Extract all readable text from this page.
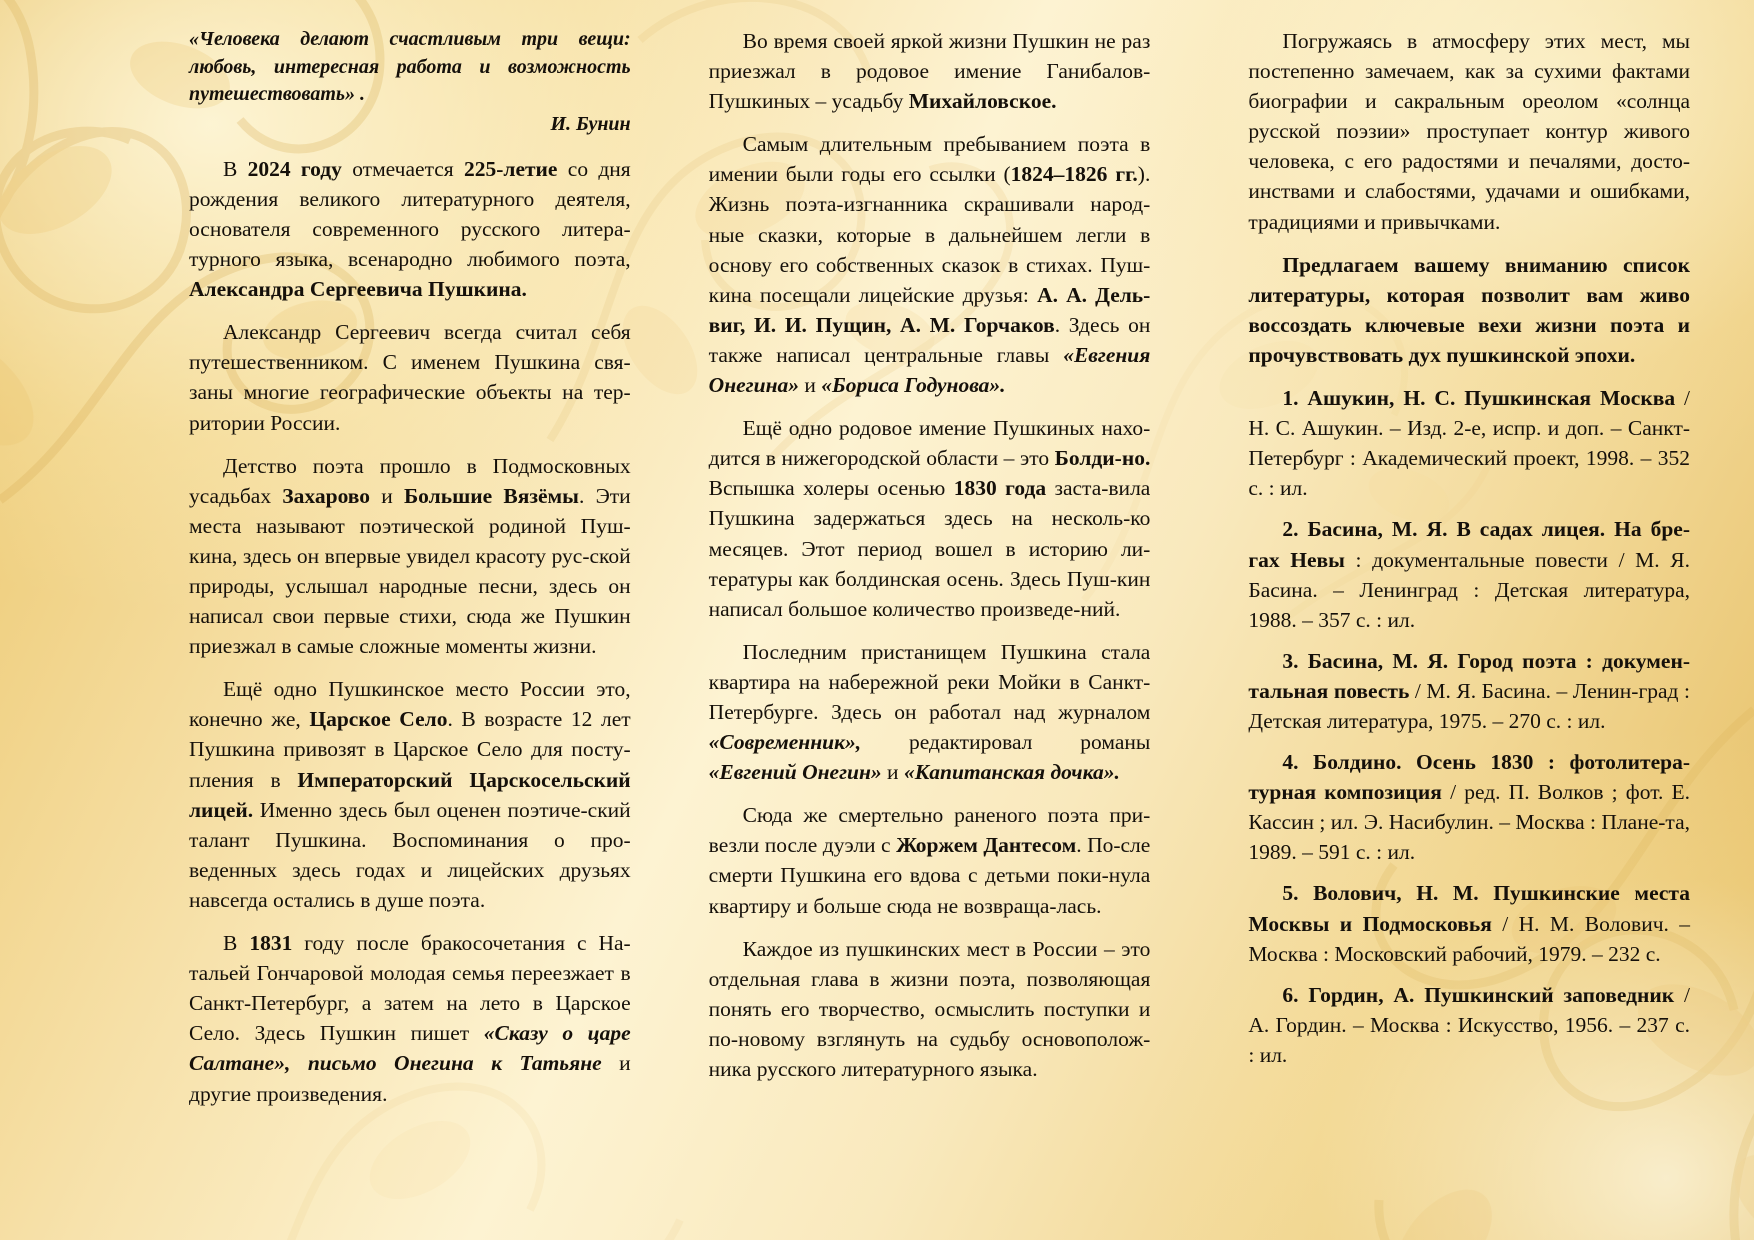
«Человека делают счастливым три вещи: любовь, интересная работа и возможность путешествовать» .
И. Бунин

В 2024 году отмечается 225-летие со дня рождения великого литературного деятеля, основателя современного русского литера-турного языка, всенародно любимого поэта, Александра Сергеевича Пушкина.

Александр Сергеевич всегда считал себя путешественником. С именем Пушкина свя-заны многие географические объекты на тер-ритории России.

Детство поэта прошло в Подмосковных усадьбах Захарово и Большие Вязёмы. Эти места называют поэтической родиной Пуш-кина, здесь он впервые увидел красоту рус-ской природы, услышал народные песни, здесь он написал свои первые стихи, сюда же Пушкин приезжал в самые сложные моменты жизни.

Ещё одно Пушкинское место России это, конечно же, Царское Село. В возрасте 12 лет Пушкина привозят в Царское Село для посту-пления в Императорский Царскосельский лицей. Именно здесь был оценен поэтиче-ский талант Пушкина. Воспоминания о про-веденных здесь годах и лицейских друзьях навсегда остались в душе поэта.

В 1831 году после бракосочетания с На-тальей Гончаровой молодая семья переезжает в Санкт-Петербург, а затем на лето в Царское Село. Здесь Пушкин пишет «Сказу о царе Салтане», письмо Онегина к Татьяне и другие произведения.

Во время своей яркой жизни Пушкин не раз приезжал в родовое имение Ганибалов-Пушкиных – усадьбу Михайловское.

Самым длительным пребыванием поэта в имении были годы его ссылки (1824–1826 гг.). Жизнь поэта-изгнанника скрашивали народ-ные сказки, которые в дальнейшем легли в основу его собственных сказок в стихах. Пуш-кина посещали лицейские друзья: А. А. Дель-виг, И. И. Пущин, А. М. Горчаков. Здесь он также написал центральные главы «Евгения Онегина» и «Бориса Годунова».

Ещё одно родовое имение Пушкиных нахо-дится в нижегородской области – это Болди-но. Вспышка холеры осенью 1830 года заста-вила Пушкина задержаться здесь на несколь-ко месяцев. Этот период вошел в историю ли-тературы как болдинская осень. Здесь Пуш-кин написал большое количество произведе-ний.

Последним пристанищем Пушкина стала квартира на набережной реки Мойки в Санкт-Петербурге. Здесь он работал над журналом «Современник», редактировал романы «Евгений Онегин» и «Капитанская дочка».

Сюда же смертельно раненого поэта при-везли после дуэли с Жоржем Дантесом. По-сле смерти Пушкина его вдова с детьми поки-нула квартиру и больше сюда не возвраща-лась.

Каждое из пушкинских мест в России – это отдельная глава в жизни поэта, позволяющая понять его творчество, осмыслить поступки и по-новому взглянуть на судьбу основополож-ника русского литературного языка.

Погружаясь в атмосферу этих мест, мы постепенно замечаем, как за сухими фактами биографии и сакральным ореолом «солнца русской поэзии» проступает контур живого человека, с его радостями и печалями, досто-инствами и слабостями, удачами и ошибками, традициями и привычками.

Предлагаем вашему вниманию список литературы, которая позволит вам живо воссоздать ключевые вехи жизни поэта и прочувствовать дух пушкинской эпохи.

1. Ашукин, Н. С. Пушкинская Москва / Н. С. Ашукин. – Изд. 2-е, испр. и доп. – Санкт-Петербург : Академический проект, 1998. – 352 с. : ил.

2. Басина, М. Я. В садах лицея. На бре-гах Невы : документальные повести / М. Я. Басина. – Ленинград : Детская литература, 1988. – 357 с. : ил.

3. Басина, М. Я. Город поэта : докумен-тальная повесть / М. Я. Басина. – Ленин-град : Детская литература, 1975. – 270 с. : ил.

4. Болдино. Осень 1830 : фотолитера-турная композиция / ред. П. Волков ; фот. Е. Кассин ; ил. Э. Насибулин. – Москва : Плане-та, 1989. – 591 с. : ил.

5. Волович, Н. М. Пушкинские места Москвы и Подмосковья / Н. М. Волович. – Москва : Московский рабочий, 1979. – 232 с.

6. Гордин, А. Пушкинский заповедник / А. Гордин. – Москва : Искусство, 1956. – 237 с. : ил.
